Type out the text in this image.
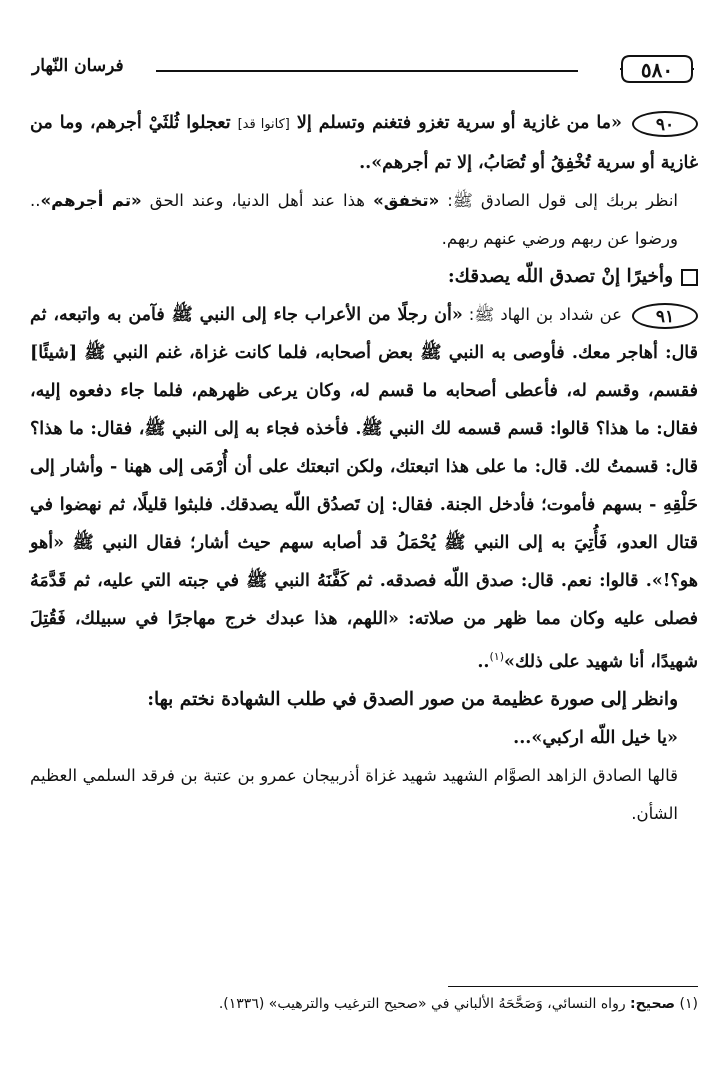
٥٨٠
فرسان النّهار

٩٠«ما من غازية أو سرية تغزو فتغنم وتسلم إلا [كانوا قد] تعجلوا ثُلثَيْ أجرهم، وما من غازية أو سرية تُخْفِقُ أو تُصَابُ، إلا تم أجرهم»..

انظر بربك إلى قول الصادق ﷺ: «تخفق» هذا عند أهل الدنيا، وعند الحق «تم أجرهم».. ورضوا عن ربهم ورضي عنهم ربهم.

وأخيرًا إنْ تصدق اللّه يصدقك:

٩١عن شداد بن الهاد ﷺ: «أن رجلًا من الأعراب جاء إلى النبي ﷺ فآمن به واتبعه، ثم قال: أهاجر معك. فأوصى به النبي ﷺ بعض أصحابه، فلما كانت غزاة، غنم النبي ﷺ [شيئًا] فقسم، وقسم له، فأعطى أصحابه ما قسم له، وكان يرعى ظهرهم، فلما جاء دفعوه إليه، فقال: ما هذا؟ قالوا: قسم قسمه لك النبي ﷺ. فأخذه فجاء به إلى النبي ﷺ، فقال: ما هذا؟ قال: قسمتُ لك. قال: ما على هذا اتبعتك، ولكن اتبعتك على أن أُرْمَى إلى ههنا - وأشار إلى حَلْقِهِ - بسهم فأموت؛ فأدخل الجنة. فقال: إن تَصدُق اللّه يصدقك. فلبثوا قليلًا، ثم نهضوا في قتال العدو، فَأُتِيَ به إلى النبي ﷺ يُحْمَلُ قد أصابه سهم حيث أشار؛ فقال النبي ﷺ «أهو هو؟!». قالوا: نعم. قال: صدق اللّه فصدقه. ثم كَفَّنَهُ النبي ﷺ في جبته التي عليه، ثم قَدَّمَهُ فصلى عليه وكان مما ظهر من صلاته: «اللهم، هذا عبدك خرج مهاجرًا في سبيلك، فَقُتِلَ شهيدًا، أنا شهيد على ذلك»$^{(١)}$..

وانظر إلى صورة عظيمة من صور الصدق في طلب الشهادة نختم بها:

«يا خيل اللّه اركبي»...

قالها الصادق الزاهد الصوَّام الشهيد شهيد غزاة أذربيجان عمرو بن عتبة بن فرقد السلمي العظيم الشأن.

(١) صحيح: رواه النسائي، وَصَحَّحَهُ الألباني في «صحيح الترغيب والترهيب» (١٣٣٦).
